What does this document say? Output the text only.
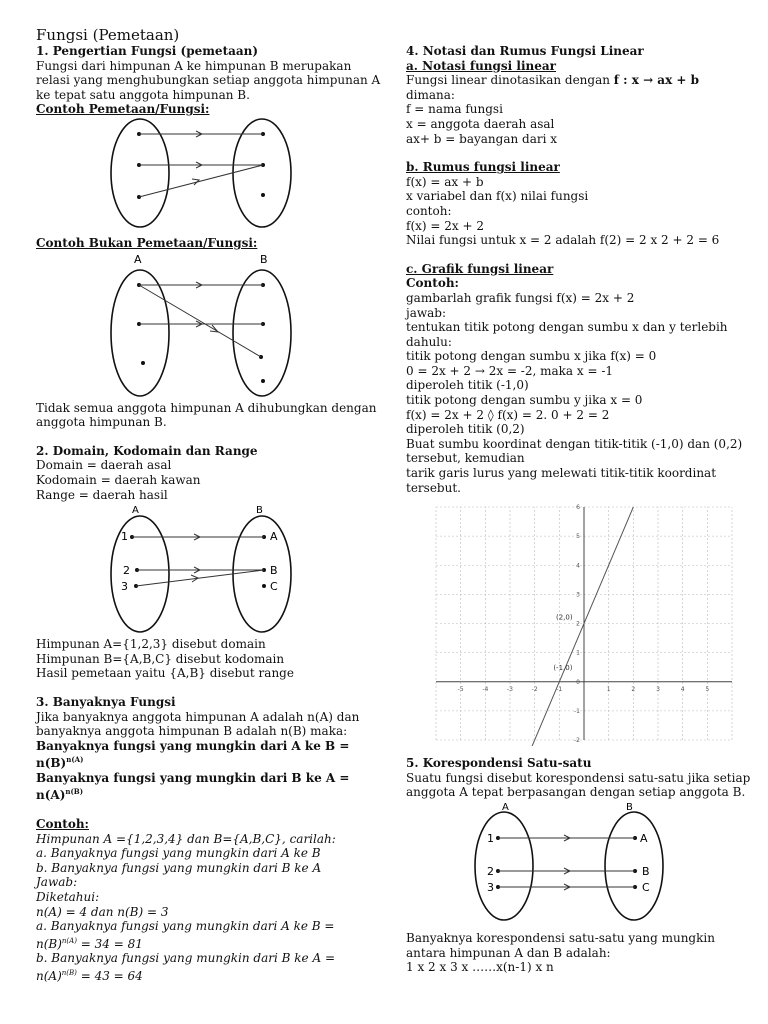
Fungsi (Pemetaan)
1. Pengertian Fungsi (pemetaan)
Fungsi dari himpunan A ke himpunan B merupakan
relasi yang menghubungkan setiap anggota himpunan A
ke tepat satu anggota himpunan B.
Contoh Pemetaan/Fungsi:
Contoh Bukan Pemetaan/Fungsi:
A	B
Tidak semua anggota himpunan A dihubungkan dengan
anggota himpunan B.
2. Domain, Kodomain dan Range
Domain = daerah asal
Kodomain = daerah kawan
Range = daerah hasil
A	B
1
2
3
A
B
C
Himpunan A={1,2,3} disebut domain
Himpunan B={A,B,C} disebut kodomain
Hasil pemetaan yaitu {A,B} disebut range
3. Banyaknya Fungsi
Jika banyaknya anggota himpunan A adalah n(A) dan
banyaknya anggota himpunan B adalah n(B) maka:
Banyaknya fungsi yang mungkin dari A ke B =
$n(B)^{n(A)}$
Banyaknya fungsi yang mungkin dari B ke A =
$n(A)^{n(B)}$
Contoh:
Himpunan A ={1,2,3,4} dan B={A,B,C}, carilah:
a. Banyaknya fungsi yang mungkin dari A ke B
b. Banyaknya fungsi yang mungkin dari B ke A
Jawab:
Diketahui:
n(A) = 4 dan n(B) = 3
a. Banyaknya fungsi yang mungkin dari A ke B =
$n(B)^{n(A)} = 34 = 81$
b. Banyaknya fungsi yang mungkin dari B ke A =
$n(A)^{n(B)} = 43 = 64$
4. Notasi dan Rumus Fungsi Linear
a. Notasi fungsi linear
Fungsi linear dinotasikan dengan f : x → ax + b
dimana:
f = nama fungsi
x = anggota daerah asal
ax+ b = bayangan dari x
b. Rumus fungsi linear
f(x) = ax + b
x variabel dan f(x) nilai fungsi
contoh:
f(x) = 2x + 2
Nilai fungsi untuk x = 2 adalah f(2) = 2 x 2 + 2 = 6
c. Grafik fungsi linear
Contoh:
gambarlah grafik fungsi f(x) = 2x + 2
jawab:
tentukan titik potong dengan sumbu x dan y terlebih
dahulu:
titik potong dengan sumbu x jika f(x) = 0
0 = 2x + 2 → 2x = -2, maka x = -1
diperoleh titik (-1,0)
titik potong dengan sumbu y jika x = 0
f(x) = 2x + 2 ◊ f(x) = 2. 0 + 2 = 2
diperoleh titik (0,2)
Buat sumbu koordinat dengan titik-titik (-1,0) dan (0,2)
tersebut, kemudian
tarik garis lurus yang melewati titik-titik koordinat
tersebut.
-5	-4	-3	-2	-1	1	2	3	4	5
-2
-1
0
1
2
3
4
5
6
(2,0)
(-1,0)
5. Korespondensi Satu-satu
Suatu fungsi disebut korespondensi satu-satu jika setiap
anggota A tepat berpasangan dengan setiap anggota B.
A	B
1
2
3
A
B
C
Banyaknya korespondensi satu-satu yang mungkin
antara himpunan A dan B adalah:
1 x 2 x 3 x ……x(n-1) x n
